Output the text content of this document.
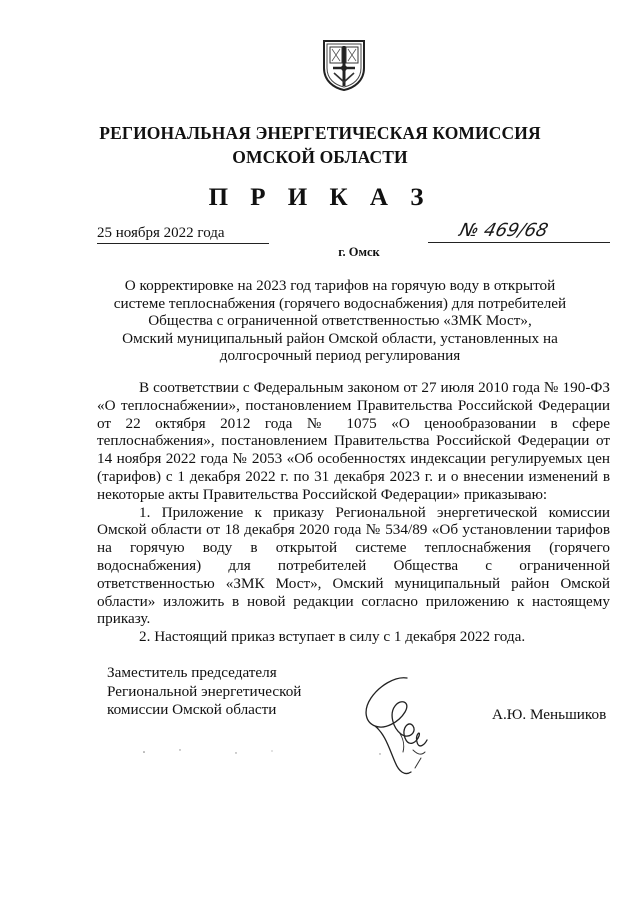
РЕГИОНАЛЬНАЯ ЭНЕРГЕТИЧЕСКАЯ КОМИССИЯ
ОМСКОЙ ОБЛАСТИ
П Р И К А З
25 ноября 2022 года	№ 469/68
г. Омск
О корректировке на 2023 год тарифов на горячую воду в открытой
системе теплоснабжения (горячего водоснабжения) для потребителей
Общества с ограниченной ответственностью «ЗМК Мост»,
Омский муниципальный район Омской области, установленных на
долгосрочный период регулирования

В соответствии с Федеральным законом от 27 июля 2010 года № 190-ФЗ «О теплоснабжении», постановлением Правительства Российской Федерации от 22 октября 2012 года № 1075 «О ценообразовании в сфере теплоснабжения», постановлением Правительства Российской Федерации от 14 ноября 2022 года № 2053 «Об особенностях индексации регулируемых цен (тарифов) с 1 декабря 2022 г. по 31 декабря 2023 г. и о внесении изменений в некоторые акты Правительства Российской Федерации» приказываю:

1. Приложение к приказу Региональной энергетической комиссии Омской области от 18 декабря 2020 года № 534/89 «Об установлении тарифов на горячую воду в открытой системе теплоснабжения (горячего водоснабжения) для потребителей Общества с ограниченной ответственностью «ЗМК Мост», Омский муниципальный район Омской области» изложить в новой редакции согласно приложению к настоящему приказу.

2. Настоящий приказ вступает в силу с 1 декабря 2022 года.

Заместитель председателя
Региональной энергетической
комиссии Омской области	А.Ю. Меньшиков
